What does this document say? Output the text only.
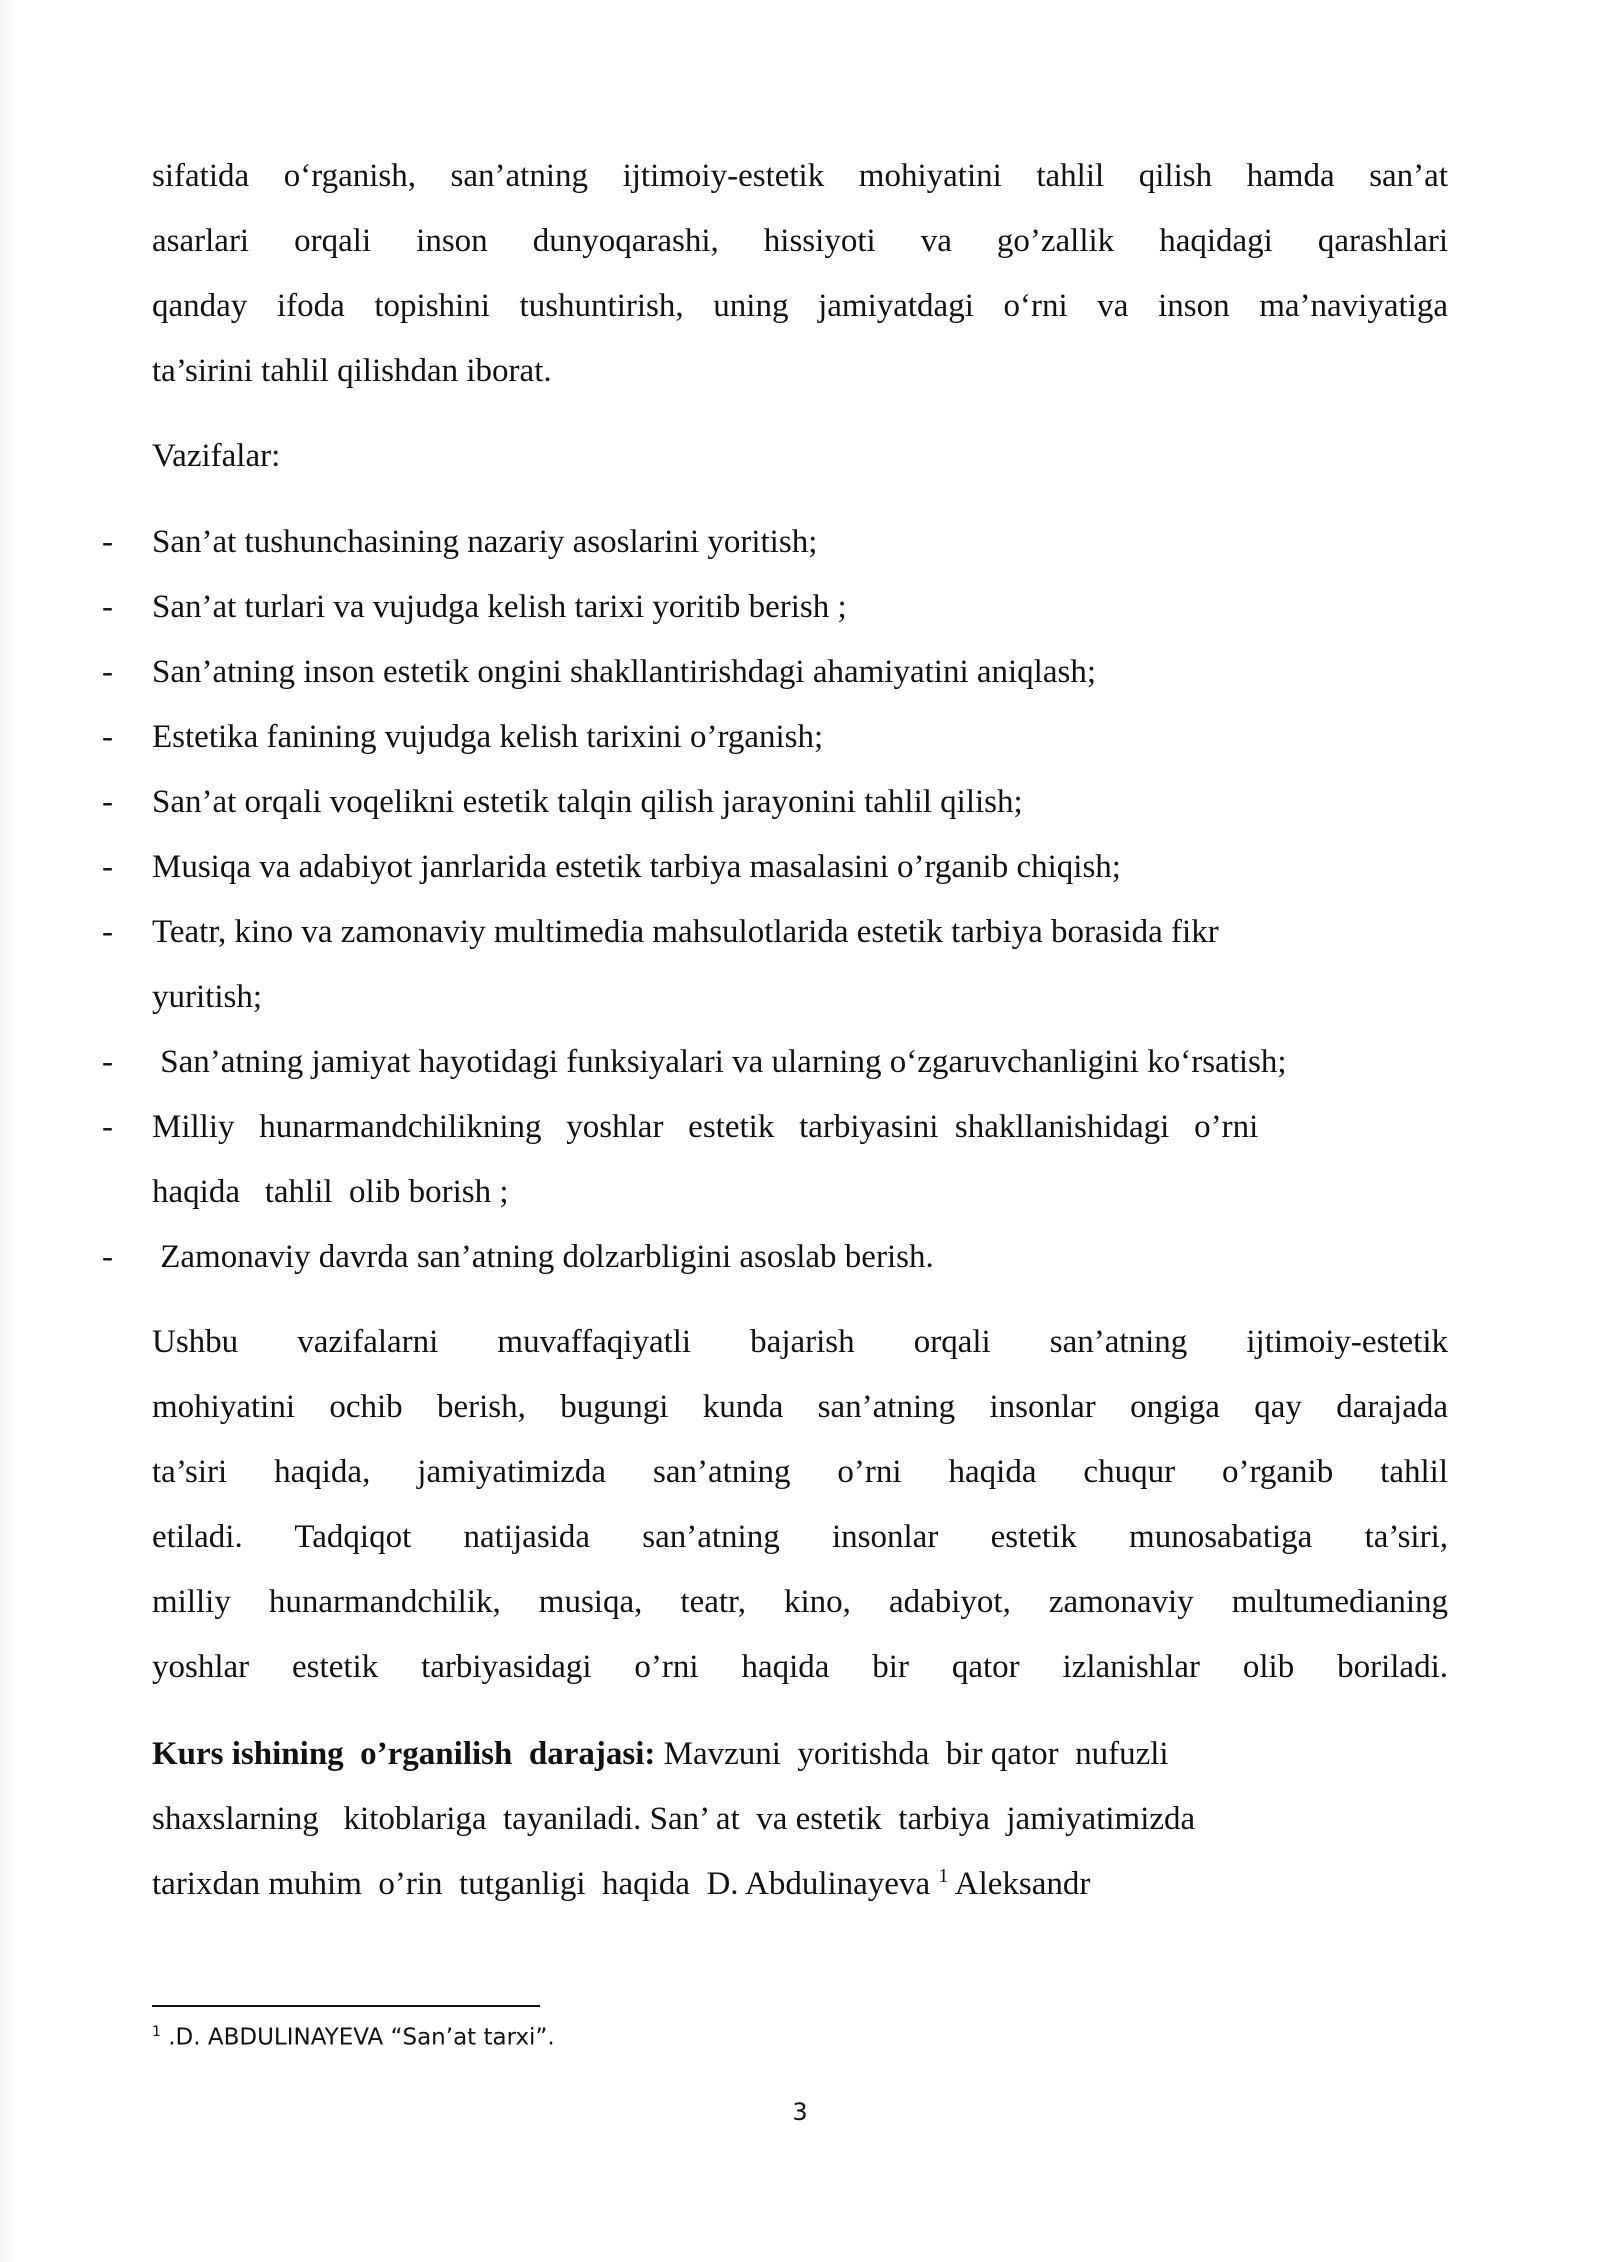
sifatida o‘rganish, san’atning ijtimoiy-estetik mohiyatini tahlil qilish hamda san’at

asarlari orqali inson dunyoqarashi, hissiyoti va go’zallik haqidagi qarashlari

qanday ifoda topishini tushuntirish, uning jamiyatdagi o‘rni va inson ma’naviyatiga

ta’sirini tahlil qilishdan iborat.

Vazifalar:

- San’at tushunchasining nazariy asoslarini yoritish;
- San’at turlari va vujudga kelish tarixi yoritib berish ;
- San’atning inson estetik ongini shakllantirishdagi ahamiyatini aniqlash;
- Estetika fanining vujudga kelish tarixini o’rganish;
- San’at orqali voqelikni estetik talqin qilish jarayonini tahlil qilish;
- Musiqa va adabiyot janrlarida estetik tarbiya masalasini o’rganib chiqish;
- Teatr, kino va zamonaviy multimedia mahsulotlarida estetik tarbiya borasida fikr
yuritish;
- San’atning jamiyat hayotidagi funksiyalari va ularning o‘zgaruvchanligini ko‘rsatish;
- Milliy   hunarmandchilikning   yoshlar   estetik   tarbiyasini  shakllanishidagi   o’rni
haqida   tahlil  olib borish ;
- Zamonaviy davrda san’atning dolzarbligini asoslab berish.

Ushbu vazifalarni muvaffaqiyatli bajarish orqali san’atning ijtimoiy-estetik

mohiyatini ochib berish, bugungi kunda san’atning insonlar ongiga qay darajada

ta’siri haqida, jamiyatimizda san’atning o’rni haqida chuqur o’rganib tahlil

etiladi. Tadqiqot natijasida san’atning insonlar estetik munosabatiga ta’siri,

milliy hunarmandchilik, musiqa, teatr, kino, adabiyot, zamonaviy multumedianing

yoshlar estetik tarbiyasidagi o’rni haqida bir qator izlanishlar olib boriladi.

Kurs ishining  o’rganilish  darajasi: Mavzuni  yoritishda  bir qator  nufuzli

shaxslarning   kitoblariga  tayaniladi. San’ at  va estetik  tarbiya  jamiyatimizda

tarixdan muhim  o’rin  tutganligi  haqida  D. Abdulinayeva $^1$ Aleksandr

$^1$ .D. ABDULINAYEVA “San’at tarxi”.
3
